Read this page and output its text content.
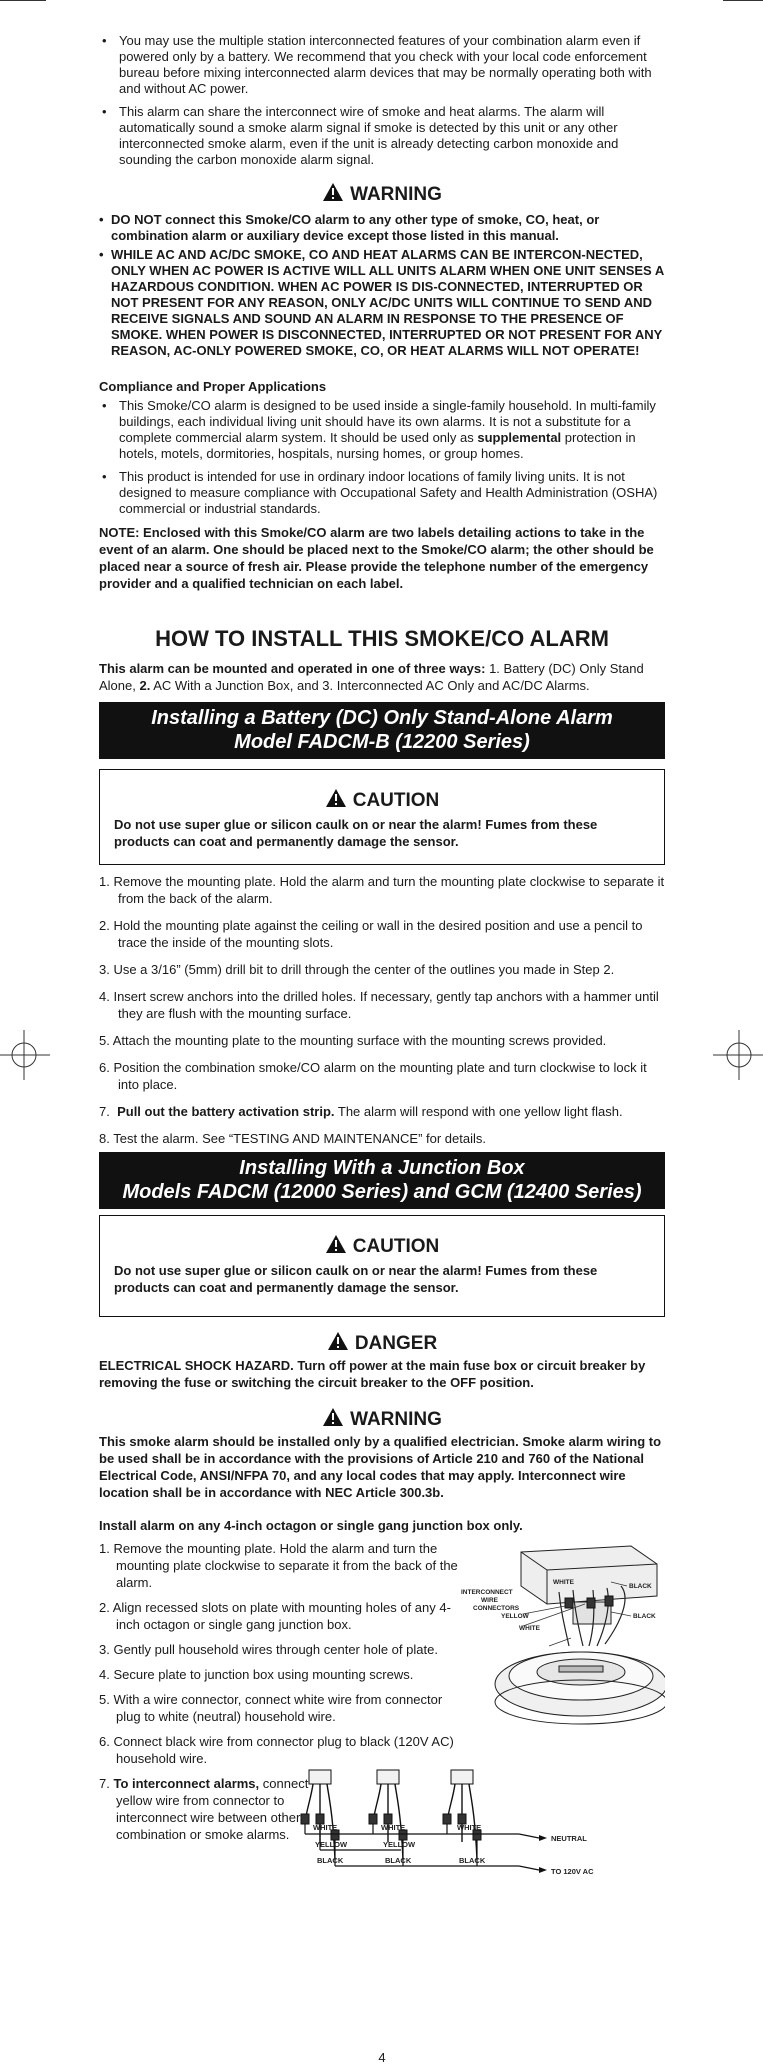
• You may use the multiple station interconnected features of your combination alarm even if powered only by a battery. We recommend that you check with your local code enforcement bureau before mixing interconnected alarm devices that may be normally operating both with and without AC power.
• This alarm can share the interconnect wire of smoke and heat alarms. The alarm will automatically sound a smoke alarm signal if smoke is detected by this unit or any other interconnected smoke alarm, even if the unit is already detecting carbon monoxide and sounding the carbon monoxide alarm signal.
WARNING
• DO NOT connect this Smoke/CO alarm to any other type of smoke, CO, heat, or combination alarm or auxiliary device except those listed in this manual.
• WHILE AC AND AC/DC SMOKE, CO AND HEAT ALARMS CAN BE INTERCON-NECTED, ONLY WHEN AC POWER IS ACTIVE WILL ALL UNITS ALARM WHEN ONE UNIT SENSES A HAZARDOUS CONDITION. WHEN AC POWER IS DIS-CONNECTED, INTERRUPTED OR NOT PRESENT FOR ANY REASON, ONLY AC/DC UNITS WILL CONTINUE TO SEND AND RECEIVE SIGNALS AND SOUND AN ALARM IN RESPONSE TO THE PRESENCE OF SMOKE. WHEN POWER IS DISCONNECTED, INTERRUPTED OR NOT PRESENT FOR ANY REASON, AC-ONLY POWERED SMOKE, CO, OR HEAT ALARMS WILL NOT OPERATE!
Compliance and Proper Applications
• This Smoke/CO alarm is designed to be used inside a single-family household. In multi-family buildings, each individual living unit should have its own alarms. It is not a substitute for a complete commercial alarm system. It should be used only as supplemental protection in hotels, motels, dormitories, hospitals, nursing homes, or group homes.
• This product is intended for use in ordinary indoor locations of family living units. It is not designed to measure compliance with Occupational Safety and Health Administration (OSHA) commercial or industrial standards.

NOTE: Enclosed with this Smoke/CO alarm are two labels detailing actions to take in the event of an alarm. One should be placed next to the Smoke/CO alarm; the other should be placed near a source of fresh air. Please provide the telephone number of the emergency provider and a qualified technician on each label.

HOW TO INSTALL THIS SMOKE/CO ALARM

This alarm can be mounted and operated in one of three ways: 1. Battery (DC) Only Stand Alone, 2. AC With a Junction Box, and 3. Interconnected AC Only and AC/DC Alarms.

Installing a Battery (DC) Only Stand-Alone Alarm
Model FADCM-B (12200 Series)
CAUTION

Do not use super glue or silicon caulk on or near the alarm! Fumes from these products can coat and permanently damage the sensor.

1. Remove the mounting plate. Hold the alarm and turn the mounting plate clockwise to separate it from the back of the alarm.
2. Hold the mounting plate against the ceiling or wall in the desired position and use a pencil to trace the inside of the mounting slots.
3. Use a 3/16” (5mm) drill bit to drill through the center of the outlines you made in Step 2.
4. Insert screw anchors into the drilled holes. If necessary, gently tap anchors with a hammer until they are flush with the mounting surface.
5. Attach the mounting plate to the mounting surface with the mounting screws provided.
6. Position the combination smoke/CO alarm on the mounting plate and turn clockwise to lock it into place.
7. Pull out the battery activation strip. The alarm will respond with one yellow light flash.
8. Test the alarm. See “TESTING AND MAINTENANCE” for details.
Installing With a Junction Box
Models FADCM (12000 Series) and GCM (12400 Series)
CAUTION

Do not use super glue or silicon caulk on or near the alarm! Fumes from these products can coat and permanently damage the sensor.

DANGER

ELECTRICAL SHOCK HAZARD. Turn off power at the main fuse box or circuit breaker by removing the fuse or switching the circuit breaker to the OFF position.

WARNING

This smoke alarm should be installed only by a qualified electrician. Smoke alarm wiring to be used shall be in accordance with the provisions of Article 210 and 760 of the National Electrical Code, ANSI/NFPA 70, and any local codes that may apply. Interconnect wire location shall be in accordance with NEC Article 300.3b.

Install alarm on any 4-inch octagon or single gang junction box only.

1. Remove the mounting plate. Hold the alarm and turn the mounting plate clockwise to separate it from the back of the alarm.
2. Align recessed slots on plate with mounting holes of any 4-inch octagon or single gang junction box.
3. Gently pull household wires through center hole of plate.
4. Secure plate to junction box using mounting screws.
5. With a wire connector, connect white wire from connector plug to white (neutral) household wire.
6. Connect black wire from connector plug to black (120V AC) household wire.
7. To interconnect alarms, connect yellow wire from connector to interconnect wire between other combination or smoke alarms.
WHITE
BLACK
INTERCONNECT
WIRE
CONNECTORS
YELLOW	BLACK
WHITE
WHITE	WHITE	WHITE
YELLOW	YELLOW
BLACK	BLACK	BLACK
NEUTRAL
TO 120V AC
4
